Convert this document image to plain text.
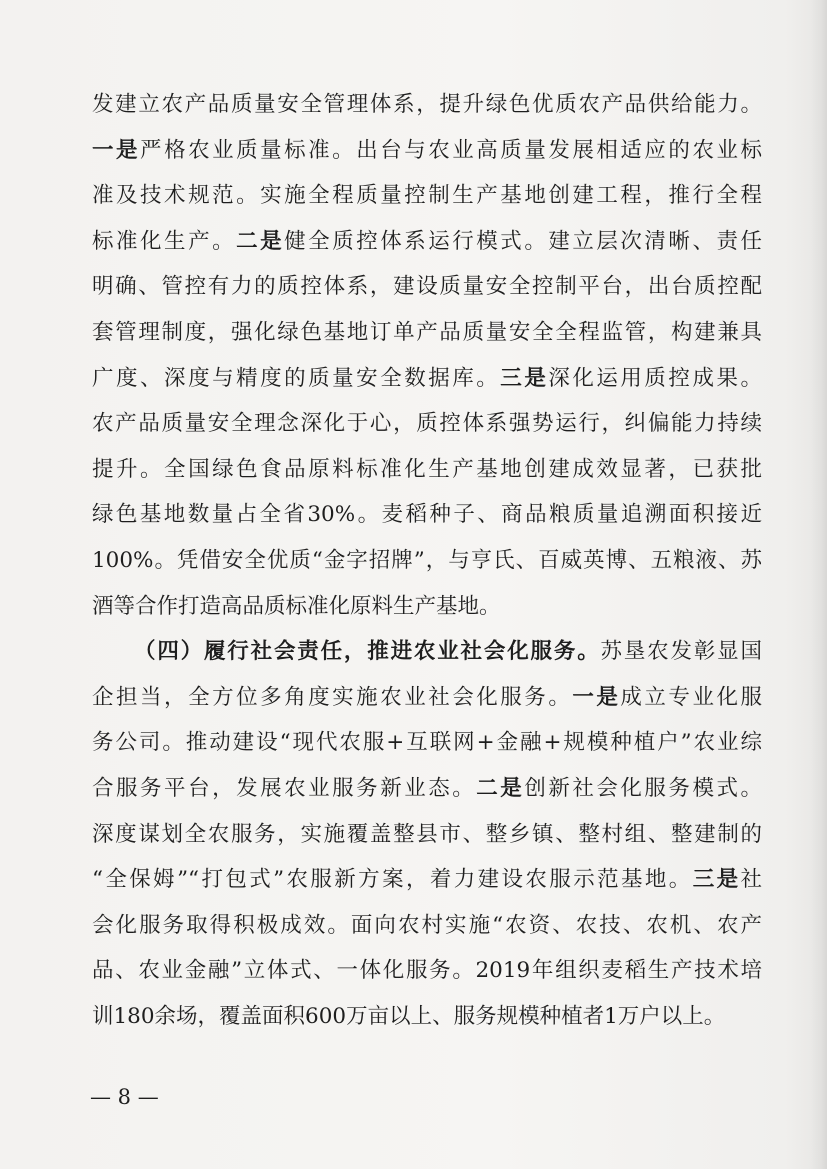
发建立农产品质量安全管理体系，提升绿色优质农产品供给能力。
一是严格农业质量标准。出台与农业高质量发展相适应的农业标
准及技术规范。实施全程质量控制生产基地创建工程，推行全程
标准化生产。二是健全质控体系运行模式。建立层次清晰、责任
明确、管控有力的质控体系，建设质量安全控制平台，出台质控配
套管理制度，强化绿色基地订单产品质量安全全程监管，构建兼具
广度、深度与精度的质量安全数据库。三是深化运用质控成果。
农产品质量安全理念深化于心，质控体系强势运行，纠偏能力持续
提升。全国绿色食品原料标准化生产基地创建成效显著，已获批
绿色基地数量占全省30%。麦稻种子、商品粮质量追溯面积接近
100%。凭借安全优质“金字招牌”，与亨氏、百威英博、五粮液、苏
酒等合作打造高品质标准化原料生产基地。
（四）履行社会责任，推进农业社会化服务。苏垦农发彰显国
企担当，全方位多角度实施农业社会化服务。一是成立专业化服
务公司。推动建设“现代农服+互联网+金融+规模种植户”农业综
合服务平台，发展农业服务新业态。二是创新社会化服务模式。
深度谋划全农服务，实施覆盖整县市、整乡镇、整村组、整建制的
“全保姆”“打包式”农服新方案，着力建设农服示范基地。三是社
会化服务取得积极成效。面向农村实施“农资、农技、农机、农产
品、农业金融”立体式、一体化服务。2019年组织麦稻生产技术培
训180余场，覆盖面积600万亩以上、服务规模种植者1万户以上。
— 8 —
